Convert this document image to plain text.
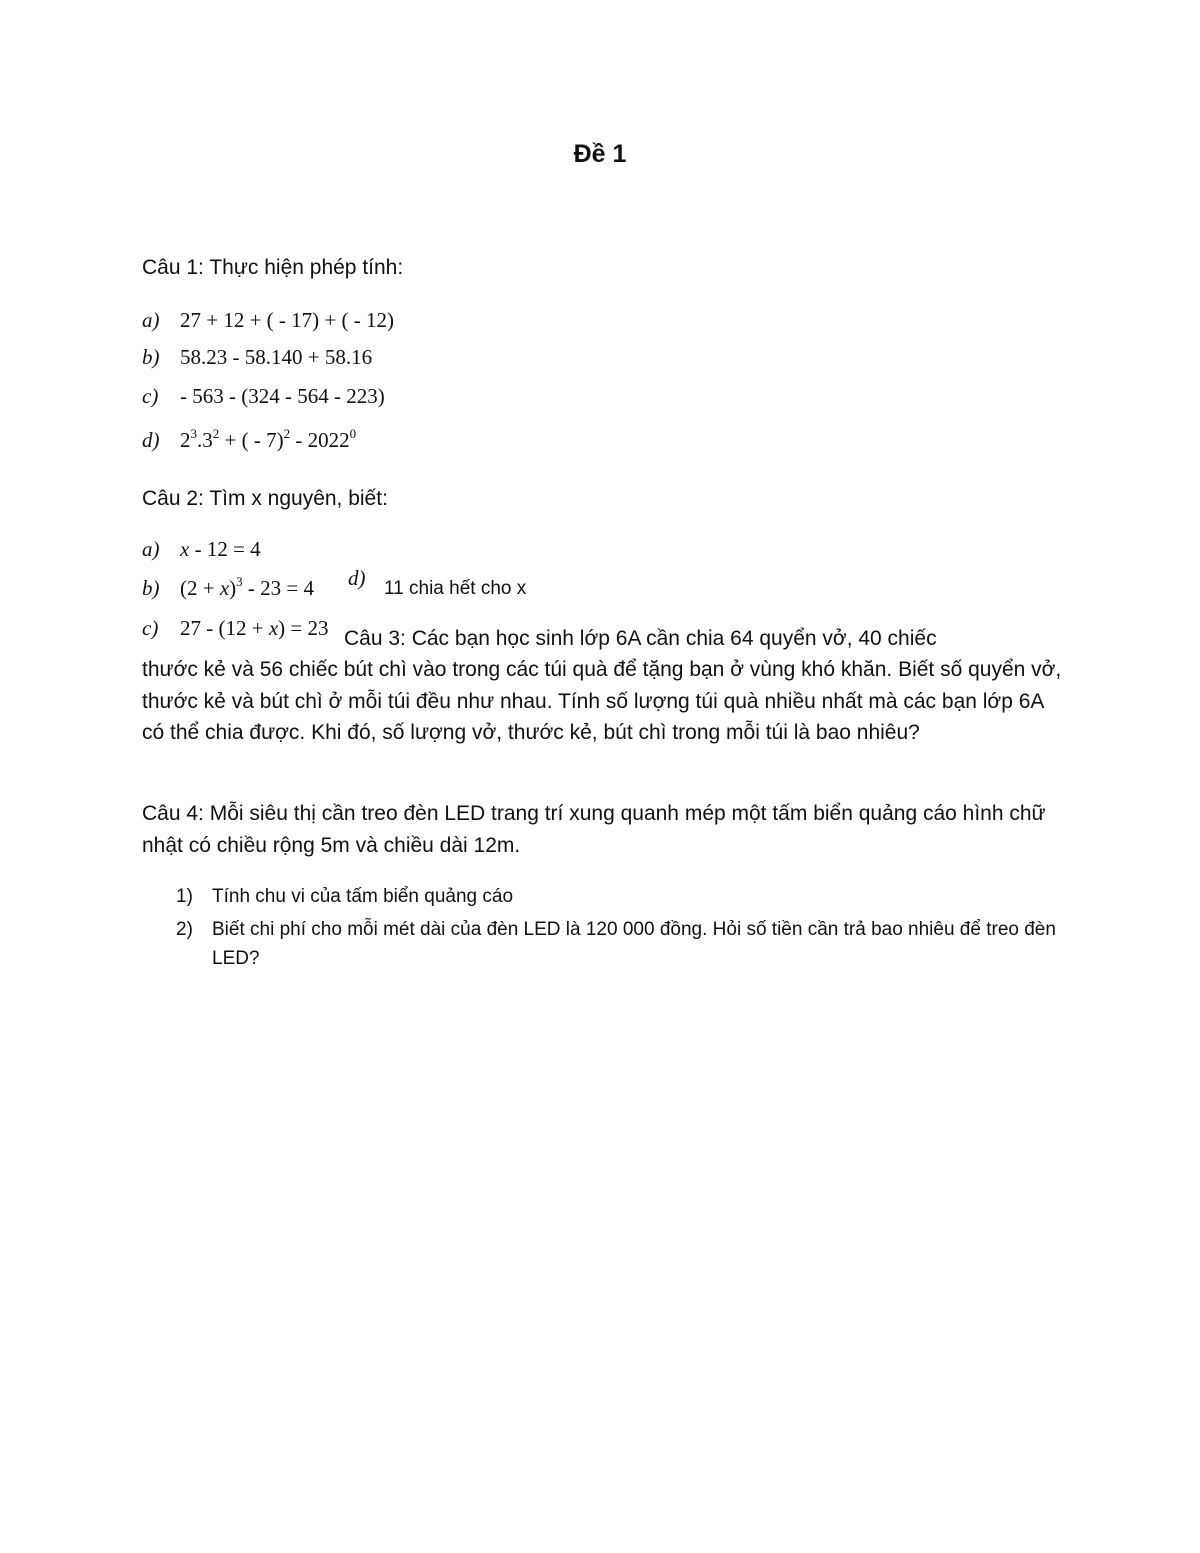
Đề 1
Câu 1: Thực hiện phép tính:
a) 27 + 12 + ( - 17) + ( - 12)
b) 58.23 - 58.140 + 58.16
c) - 563 - (324 - 564 - 223)
d) $2^3.3^2$ + ( - 7)$^2$ - 2022$^0$
Câu 2: Tìm x nguyên, biết:
a) x - 12 = 4
b) $(2 + x)^3 - 23 = 4$ d) 11 chia hết cho x
c) 27 - (12 + x) = 23 Câu 3: Các bạn học sinh lớp 6A cần chia 64 quyển vở, 40 chiếc
thước kẻ và 56 chiếc bút chì vào trong các túi quà để tặng bạn ở vùng khó khăn. Biết số quyển vở, thước kẻ và bút chì ở mỗi túi đều như nhau. Tính số lượng túi quà nhiều nhất mà các bạn lớp 6A có thể chia được. Khi đó, số lượng vở, thước kẻ, bút chì trong mỗi túi là bao nhiêu?
Câu 4: Mỗi siêu thị cần treo đèn LED trang trí xung quanh mép một tấm biển quảng cáo hình chữ nhật có chiều rộng 5m và chiều dài 12m.
1) Tính chu vi của tấm biển quảng cáo
2) Biết chi phí cho mỗi mét dài của đèn LED là 120 000 đồng. Hỏi số tiền cần trả bao nhiêu để treo đèn LED?
